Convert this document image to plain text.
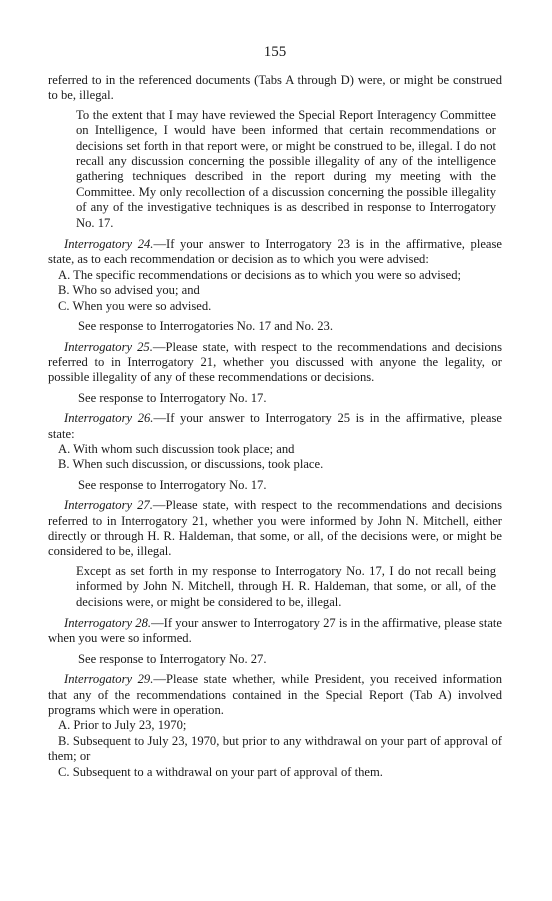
155

referred to in the referenced documents (Tabs A through D) were, or might be construed to be, illegal.

To the extent that I may have reviewed the Special Report Interagency Committee on Intelligence, I would have been informed that certain recommendations or decisions set forth in that report were, or might be construed to be, illegal. I do not recall any discussion concerning the possible illegality of any of the intelligence gathering techniques described in the report during my meeting with the Committee. My only recollection of a discussion concerning the possible illegality of any of the investigative techniques is as described in response to Interrogatory No. 17.

Interrogatory 24.—If your answer to Interrogatory 23 is in the affirmative, please state, as to each recommendation or decision as to which you were advised:

A. The specific recommendations or decisions as to which you were so advised;

B. Who so advised you; and

C. When you were so advised.

See response to Interrogatories No. 17 and No. 23.

Interrogatory 25.—Please state, with respect to the recommendations and decisions referred to in Interrogatory 21, whether you discussed with anyone the legality, or possible illegality of any of these recommendations or decisions.

See response to Interrogatory No. 17.

Interrogatory 26.—If your answer to Interrogatory 25 is in the affirmative, please state:

A. With whom such discussion took place; and

B. When such discussion, or discussions, took place.

See response to Interrogatory No. 17.

Interrogatory 27.—Please state, with respect to the recommendations and decisions referred to in Interrogatory 21, whether you were informed by John N. Mitchell, either directly or through H. R. Haldeman, that some, or all, of the decisions were, or might be considered to be, illegal.

Except as set forth in my response to Interrogatory No. 17, I do not recall being informed by John N. Mitchell, through H. R. Haldeman, that some, or all, of the decisions were, or might be considered to be, illegal.

Interrogatory 28.—If your answer to Interrogatory 27 is in the affirmative, please state when you were so informed.

See response to Interrogatory No. 27.

Interrogatory 29.—Please state whether, while President, you received information that any of the recommendations contained in the Special Report (Tab A) involved programs which were in operation.

A. Prior to July 23, 1970;

B. Subsequent to July 23, 1970, but prior to any withdrawal on your part of approval of them; or

C. Subsequent to a withdrawal on your part of approval of them.
